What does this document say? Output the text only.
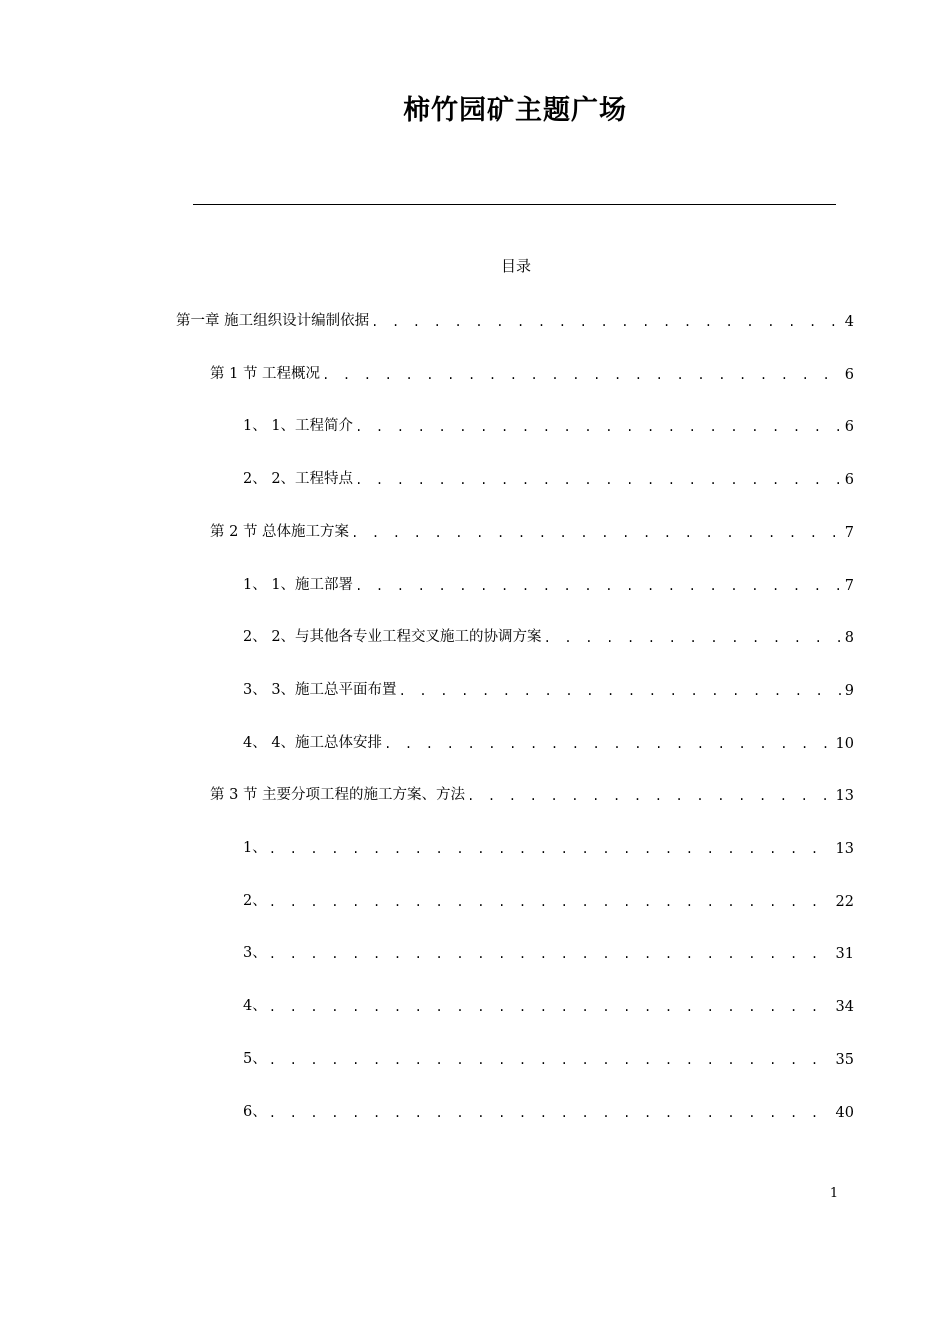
柿竹园矿主题广场
目录
第一章 施工组织设计编制依据 . . .	4
第 1 节 工程概况 . . .	6
1、 1、工程简介 . . .	6
2、 2、工程特点 . . .	6
第 2 节 总体施工方案 . . .	7
1、 1、施工部署 . . .	7
2、 2、与其他各专业工程交叉施工的协调方案 . . .	8
3、 3、施工总平面布置 . . .	9
4、 4、施工总体安排 . . .	10
第 3 节 主要分项工程的施工方案、方法 . . .	13
1、 . . .	13
2、 . . .	22
3、 . . .	31
4、 . . .	34
5、 . . .	35
6、 . . .	40
1
